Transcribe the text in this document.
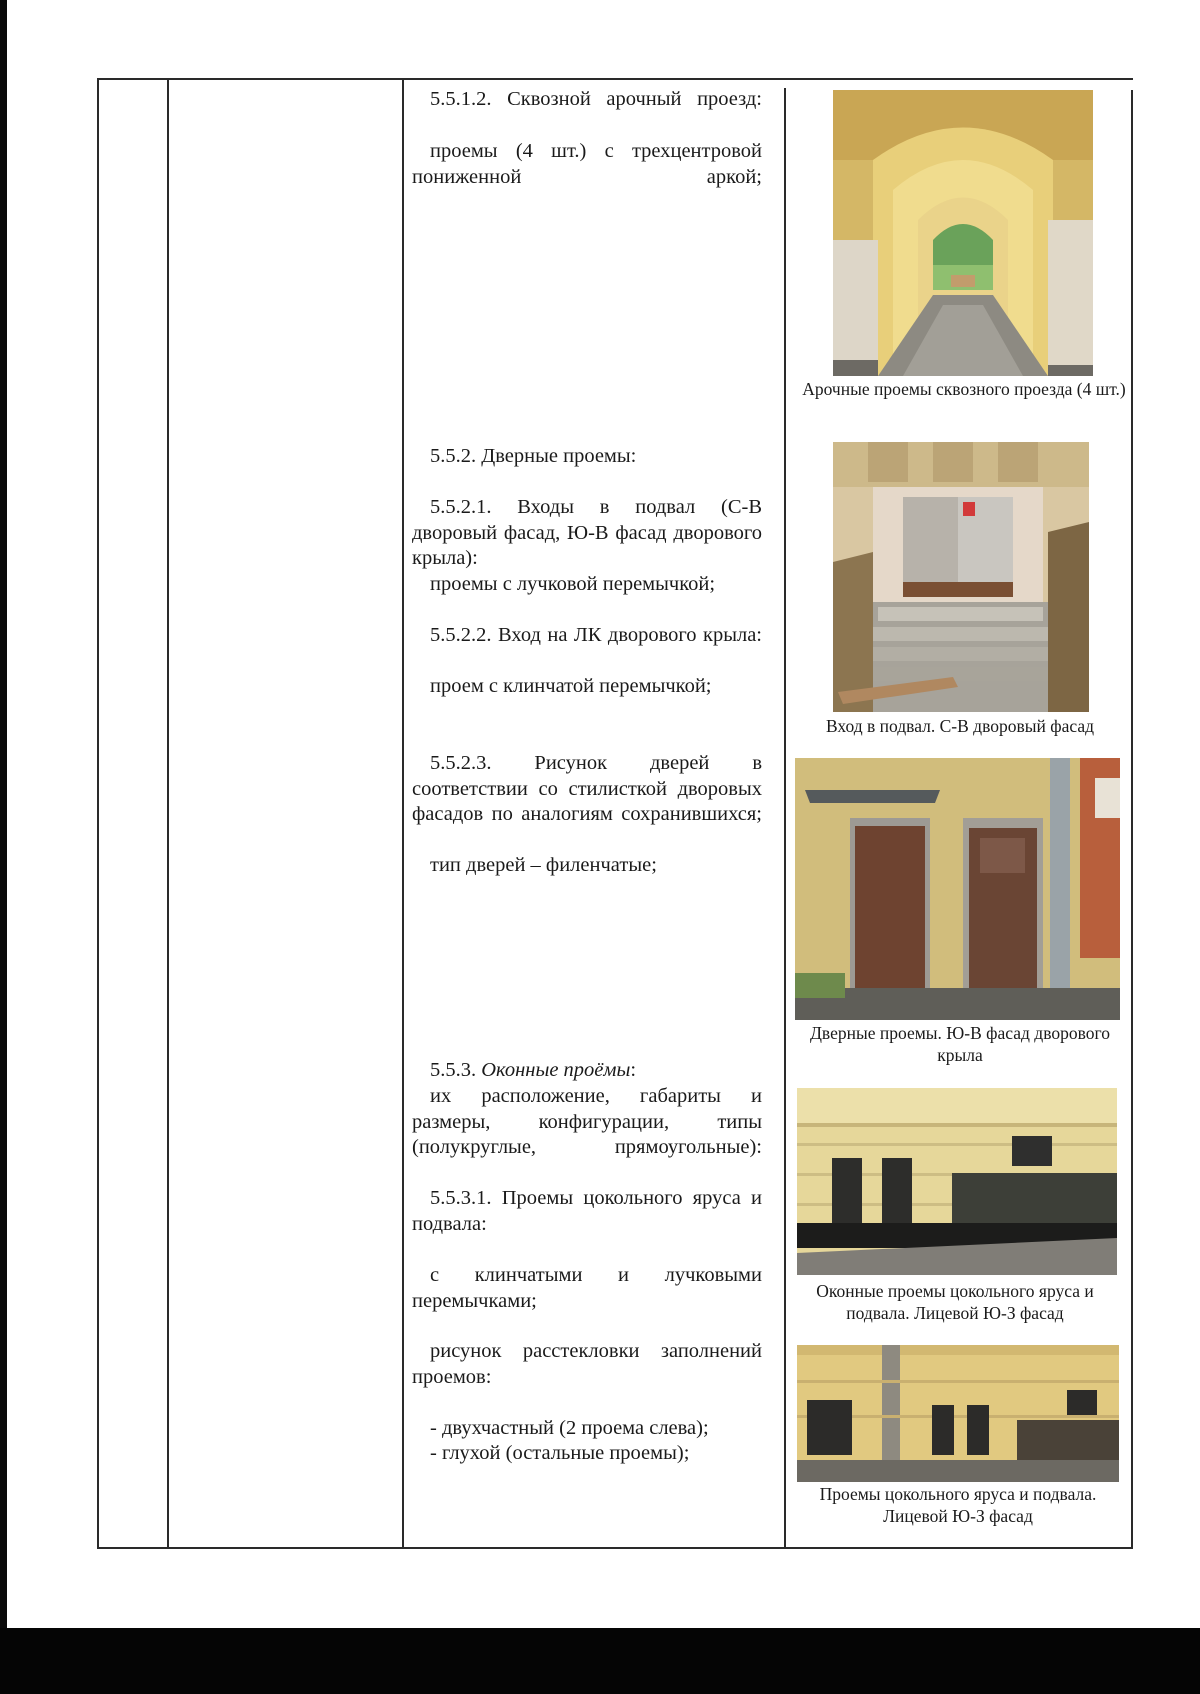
5.5.1.2. Сквозной арочный проезд:

проемы (4 шт.) с трехцентровой пониженной аркой;

5.5.2. Дверные проемы:

5.5.2.1. Входы в подвал (С-В дворовый фасад, Ю-В фасад дворового крыла):

проемы с лучковой перемычкой;

5.5.2.2. Вход на ЛК дворового крыла:

проем с клинчатой перемычкой;

5.5.2.3. Рисунок дверей в соответствии со стилисткой дворовых фасадов по аналогиям сохранившихся;

тип дверей – филенчатые;

5.5.3. Оконные проёмы:

их расположение, габариты и размеры, конфигурации, типы (полукруглые, прямоугольные):

5.5.3.1. Проемы цокольного яруса и подвала:

с клинчатыми и лучковыми перемычками;

рисунок расстекловки заполнений проемов:

- двухчастный (2 проема слева);

- глухой (остальные проемы);

Арочные проемы сквозного проезда (4 шт.)
Вход в подвал. С-В дворовый фасад
Дверные проемы. Ю-В фасад дворового крыла
Оконные проемы цокольного яруса и подвала. Лицевой Ю-З фасад
Проемы цокольного яруса и подвала. Лицевой Ю-З фасад
